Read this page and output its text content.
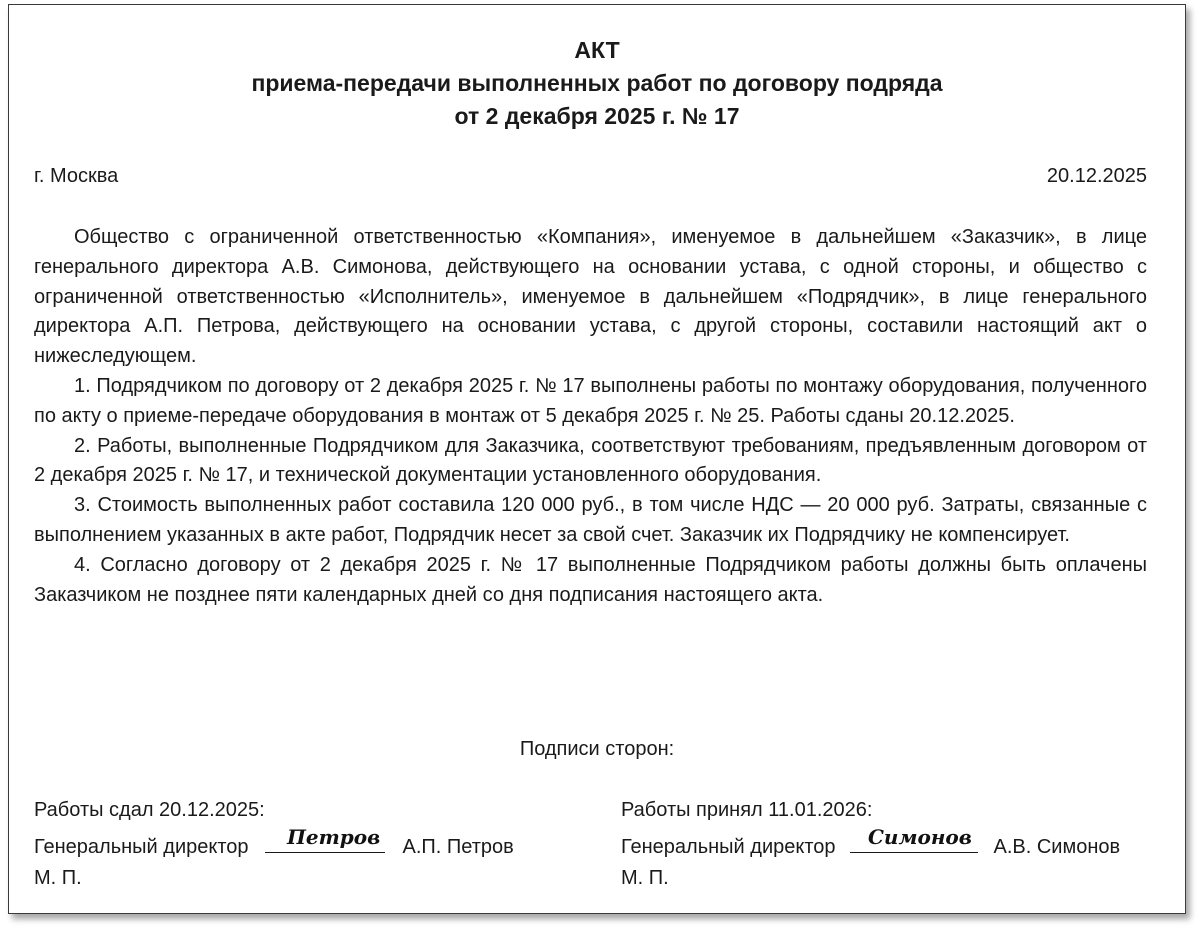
АКТ
приема-передачи выполненных работ по договору подряда
от 2 декабря 2025 г. № 17
г. Москва	20.12.2025

Общество с ограниченной ответственностью «Компания», именуемое в дальнейшем «Заказчик», в лице генерального директора А.В. Симонова, действующего на основании устава, с одной стороны, и общество с ограниченной ответственностью «Исполнитель», именуемое в дальнейшем «Подрядчик», в лице генерального директора А.П. Петрова, действующего на основании устава, с другой стороны, составили настоящий акт о нижеследующем.

1. Подрядчиком по договору от 2 декабря 2025 г. № 17 выполнены работы по монтажу оборудования, полученного по акту о приеме-передаче оборудования в монтаж от 5 декабря 2025 г. № 25. Работы сданы 20.12.2025.

2. Работы, выполненные Подрядчиком для Заказчика, соответствуют требованиям, предъявленным договором от 2 декабря 2025 г. № 17, и технической документации установленного оборудования.

3. Стоимость выполненных работ составила 120 000 руб., в том числе НДС — 20 000 руб. Затраты, связанные с выполнением указанных в акте работ, Подрядчик несет за свой счет. Заказчик их Подрядчику не компенсирует.

4. Согласно договору от 2 декабря 2025 г. № 17 выполненные Подрядчиком работы должны быть оплачены Заказчиком не позднее пяти календарных дней со дня подписания настоящего акта.

Подписи сторон:
Работы сдал 20.12.2025:
Генеральный директор Петров А.П. Петров
М. П.
Работы принял 11.01.2026:
Генеральный директор Симонов А.В. Симонов
М. П.
